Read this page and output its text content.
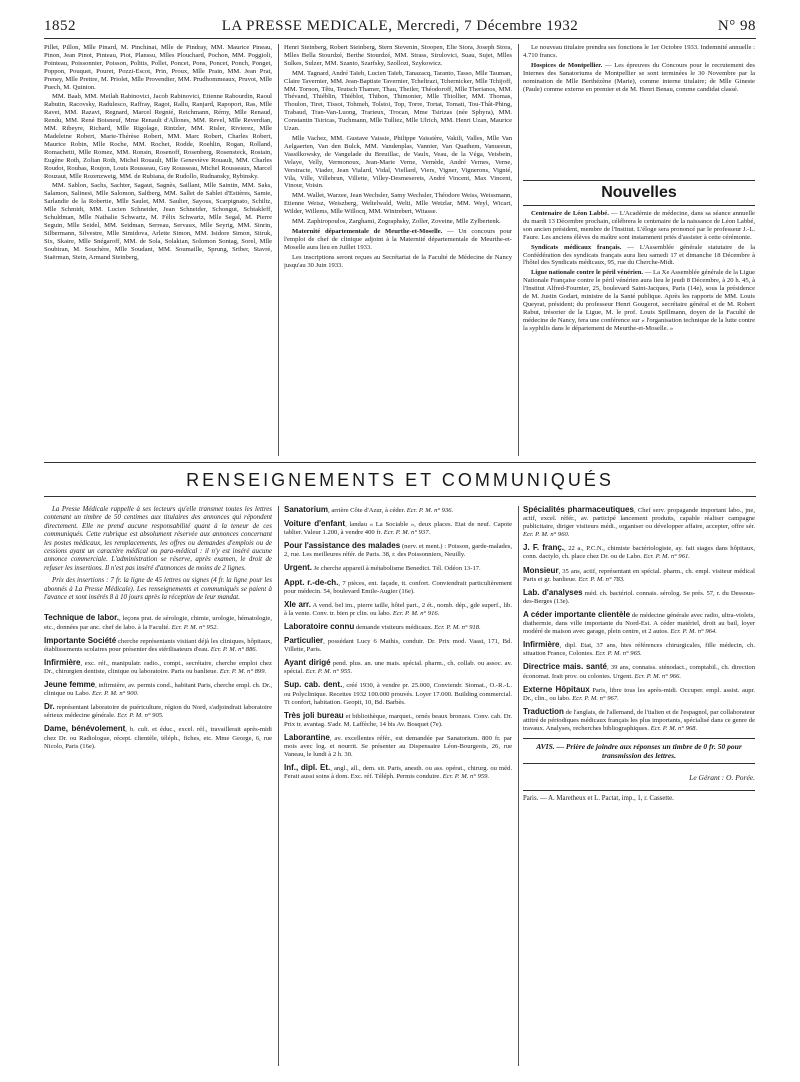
1852	LA PRESSE MEDICALE, Mercredi, 7 Décembre 1932	N° 98

Pillet, Pillon, Mlle Pinard, M. Pinchinat, Mlle de Pindray, MM. Maurice Pineau, Pinon, Jean Pinot, Pinteau, Piot, Planssu, Mlles Plouchard, Pochon, MM. Poggioli, Pointeau, Poissonnier, Poisson, Politis, Pollet, Poncet, Pons, Poncet, Ponch, Ponget, Poppon, Pouquet, Pouret, Pozzi-Escot, Prin, Proux, Mlle Prain, MM. Jean Prat, Preney, Mlle Prettre, M. Priolet, Mlle Provendier, MM. Prudhommeaux, Pruvot, Mlle Puech, M. Quinion.

MM. Baab, MM. Meilah Rabinovici, Jacob Rabinovici, Etienne Rabourdin, Raoul Rabutin, Racovsky, Radulesco, Raffray, Ragot, Rallu, Ranjard, Rapoport, Ras, Mlle Ravet, MM. Razavi, Regnard, Marcel Regnié, Reichmann, Rémy, Mlle Renaud, Rendu, MM. René Boisneuf, Mme Renault d'Allones, MM. Revel, Mlle Reverdian, MM. Ribeyre, Richard, Mlle Rigolage, Rintzler, MM. Risler, Rivierez, Mlle Madeleine Robert, Marie-Thérèse Robert, MM. Marc Robert, Charles Robert, Maurice Robin, Mlle Roche, MM. Rochet, Rodde, Roehlin, Rogan, Rolland, Romachetti, Mlle Romez, MM. Ronsin, Rosenoff, Rosenberg, Rosensteck, Rostain, Eugène Roth, Zolian Roth, Michel Rouault, Mlle Geneviève Rouault, MM. Charles Roudot, Roubas, Roujon, Louis Rousseau, Guy Rousseau, Michel Rousseaux, Marcel Rouzaut, Mlle Rozenzweig, MM. de Rubiana, de Rudollo, Rudnansky, Rybinsky.

MM. Sablon, Sachs, Sachter, Sagaut, Sagnès, Saillant, Mlle Saintin, MM. Saks, Salamon, Salinesi, Mlle Salomon, Saltberg, MM. Sallet de Sablet d'Estières, Samie, Sarlandie de la Robertie, Mlle Saulet, MM. Saulier, Sayous, Scarpignato, Schiltz, Mlle Schmidt, MM. Lucien Schneider, Jean Schneider, Schongut, Schtakleff, Schuldman, Mlle Nathalie Schwartz, M. Félix Schwartz, Mlle Segal, M. Pierre Seguin, Mlle Seidel, MM. Seidman, Serreau, Servaux, Mlle Seyrig, MM. Sinrin, Silbermann, Silvestre, Mlle Simidova, Arlette Simon, MM. Isidore Simon, Sitruk, Six, Skaire, Mlle Snégaroff, MM. de Sola, Solakian, Solomon Sontag, Sorel, Mlle Soubiran, M. Souchère, Mlle Soudant, MM. Soumaille, Sprung, Sriber, Stavré, Staërman, Stein, Armand Steinberg,

Henri Steinberg, Robert Steinberg, Stern Stevenin, Stoopen, Elie Stora, Joseph Stora, Mlles Bella Stourdzé, Berthe Stourdzé, MM. Strass, Strulovici, Suau, Sujet, Mlles Sulkes, Sulzer, MM. Szanto, Szarfsky, Szollozi, Szykowicz.

MM. Tagnard, André Taïeb, Lucien Taïeb, Tanazacq, Taranto, Tasso, Mlle Tauman, Claire Tavernier, MM. Jean-Baptiste Tavernier, Tcheltrazi, Tchernicker, Mlle Tchijoff, MM. Tornon, Têtu, Teutsch Thamer, Thau, Theiler, Théodoroff, Mlle Therianos, MM. Thévand, Thiéblin, Thiéblot, Thibon, Thimonier, Mlle Thiollier, MM. Thomas, Thoulon, Tiret, Tissot, Tohmeh, Tolstoi, Top, Torre, Tortat, Tomati, Tou-Thât-Phing, Trabaud, Tran-Van-Luong, Trarieux, Trocan, Mme Tsirizas (née Sphyra), MM. Constantin Tsiricas, Tuchmann, Mlle Tulliez, Mlle Ulrich, MM. Henri Uzan, Maurice Uzan.

Mlle Vachez, MM. Gustave Vaissie, Philippe Vaissière, Vakili, Valles, Mlle Van Aelgaerten, Van den Bulck, MM. Vandenplas, Vannier, Van Quathem, Vanueeun, Vassilkowsky, de Vangelade du Breuillac, de Vaulx, Veau, de la Véga, Veisbein, Velaye, Velly, Vermonoux, Jean-Marie Verne, Vernède, André Vernes, Verne, Verstracte, Viader, Jean Vialard, Vidal, Viellard, Viers, Vigner, Vignerons, Vignié, Vila, Ville, Villebrun, Villette, Villey-Desmeserets, André Vincent, Max Vincent, Vinour, Voisin.

MM. Wallet, Warzee, Jean Wechsler, Samy Wechsler, Théodore Weiss, Weissmann, Etienne Weisz, Weiszberg, Weltelwald, Welti, Mlle Wetzlar, MM. Weyl, Wicart, Wilder, Willems, Mlle Willocq, MM. Wintrebert, Witasse.

MM. Zaphiropoulos, Zarghami, Zographsky, Zoller, Zoveine, Mlle Zylbertenk.

Maternité départementale de Meurthe-et-Moselle. — Un concours pour l'emploi de chef de clinique adjoint à la Maternité départementale de Meurthe-et-Moselle aura lieu en Juillet 1933.

Les inscriptions seront reçues au Secrétariat de la Faculté de Médecine de Nancy jusqu'au 30 Juin 1933.

Le nouveau titulaire prendra ses fonctions le 1er Octobre 1933. Indemnité annuelle : 4.710 francs.

Hospices de Montpellier. — Les épreuves du Concours pour le recrutement des Internes des Sanatoriums de Montpellier se sont terminées le 30 Novembre par la nomination de Mlle Berthézène (Marie), comme interne titulaire; de Mlle Gineste (Paule) comme externe en premier et de M. Henri Benau, comme candidat classé.

Nouvelles

Centenaire de Léon Labbé. — L'Académie de médecine, dans sa séance annuelle du mardi 13 Décembre prochain, célébrera le centenaire de la naissance de Léon Labbé, son ancien président, membre de l'Institut. L'éloge sera prononcé par le professeur J.-L. Faure. Les anciens élèves du maître sont instamment priés d'assister à cette cérémonie.

Syndicats médicaux français. — L'Assemblée générale statutaire de la Confédération des syndicats français aura lieu samedi 17 et dimanche 18 Décembre à l'hôtel des Syndicats médicaux, 95, rue du Cherche-Midi.

Ligue nationale contre le péril vénérien. — La Xe Assemblée générale de la Ligue Nationale Française contre le péril vénérien aura lieu le jeudi 8 Décembre, à 20 h. 45, à l'Institut Alfred-Fournier, 25, boulevard Saint-Jacques, Paris (14e), sous la présidence de M. Justin Godart, ministre de la Santé publique. Après les rapports de MM. Louis Queyrat, président; du professeur Henri Gougerot, secrétaire général et de M. Robert Rabut, trésorier de la Ligue, M. le prof. Louis Spillmann, doyen de la Faculté de médecine de Nancy, fera une conférence sur « l'organisation technique de la lutte contre la syphilis dans le département de Meurthe-et-Moselle. »

RENSEIGNEMENTS ET COMMUNIQUÉS

La Presse Médicale rappelle à ses lecteurs qu'elle transmet toutes les lettres contenant un timbre de 50 centimes aux titulaires des annonces qui répondent directement. Elle ne prend aucune responsabilité quant à la teneur de ces communiqués. Cette rubrique est absolument réservée aux annonces concernant les postes médicaux, les remplacements, les offres ou demandes d'emplois ou de cessions ayant un caractère médical ou para-médical : il n'y est inséré aucune annonce commerciale. L'administration se réserve, après examen, le droit de refuser les insertions. Il n'est pas inséré d'annonces de moins de 2 lignes.

Prix des insertions : 7 fr. la ligne de 45 lettres ou signes (4 fr. la ligne pour les abonnés à La Presse Médicale). Les renseignements et communiqués se paient à l'avance et sont insérés 8 à 10 jours après la réception de leur mandat.

Technique de labor., leçons prat. de sérologie, chimie, urologie, hématologie, etc., données par anc. chef de labo. à la Faculté. Ecr. P. M. n° 952.
Importante Société cherche représentants visitant déjà les cliniques, hôpitaux, établissements scolaires pour présenter des stérilisateurs d'eau. Ecr. P. M. n° 886.
Infirmière, exc. réf., manipulatr. radio., compt., secrétaire, cherche emploi chez Dr., chirurgien dentiste, clinique ou laboratoire. Paris ou banlieue. Ecr. P. M. n° 899.
Jeune femme, infirmière, av. permis cond., habitant Paris, cherche empl. ch. Dr., clinique ou Labo. Ecr. P. M. n° 900.
Dr. représentant laboratoire de puériculture, région du Nord, s'adjoindrait laboratoire sérieux médecine générale. Ecr. P. M. n° 905.
Dame, bénévolement, b. cult. et éduc., excel. réf., travaillerait après-midi chez Dr. ou Radiologue, récept. clientèle, téléph., fiches, etc. Mme George, 6, rue Nicolo, Paris (16e).
Sanatorium, arrière Côte d'Azur, à céder. Ecr. P. M. n° 936.
Voiture d'enfant, landau « La Sociable », deux places. Etat de neuf. Capote tablier. Valeur 1.200, à vendre 400 fr. Ecr. P. M. n° 937.
Pour l'assistance des malades (nerv. et ment.) : Poisson, garde-malades, 2, rue. Les meilleures référ. de Paris. 38, r. des Poissonniers, Neuilly.
Urgent. Je cherche appareil à métabolisme Benedict. Tél. Odéon 13-17.
Appt. r.-de-ch., 7 pièces, ent. façade, tt. confort. Conviendrait particulièrement pour médecin. 54, boulevard Emile-Augier (16e).
XIe arr. A vend. bel im., pierre taille, hôtel part., 2 ét., nomb. dép., gde superf., lib. à la vente. Conv. tr. bien pr clin. ou labo. Ecr. P. M. n° 916.
Laboratoire connu demande visiteurs médicaux. Ecr. P. M. n° 918.
Particulier, possédant Lucy 6 Mathis, conduir. Dr. Prix mod. Vaast, 171, Bd. Villette, Paris.
Ayant dirigé pend. plus. an. une mais. spécial. pharm., ch. collab. ou assoc. av. spécial. Ecr. P. M. n° 955.
Sup. cab. dent., créé 1930, à vendre pr. 25.000, Conviendr. Stomat., O.-R.-L. ou Polyclinique. Recettes 1932 100.000 prouvés. Loyer 17.000. Building commercial. Tt confort, habitation. Geopit, 10, Bd. Barbès.
Très joli bureau et bibliothèque, marquet., ornés beaux bronzes. Conv. cab. Dr. Prix tr. avantag. S'adr. M. Laffèche, 14 bis Av. Bosquet (7e).
Laborantine, av. excellentes référ., est demandée par Sanatorium. 800 fr. par mois avec log. et nourrit. Se présenter au Dispensaire Léon-Bourgeois, 26, rue Vaneau, le lundi à 2 h. 30.
Inf., dipl. Et., angl., all., dem. sit. Paris, anesth. ou ass. opérat., chirurg. ou méd. Ferait aussi soins à dom. Exc. réf. Téléph. Permis conduire. Ecr. P. M. n° 959.
Spécialités pharmaceutiques, Chef serv. propagande important labo., jne, actif, excel. référ., av. participé lancement produits, capable réaliser campagne publicitaire, diriger visiteurs médi., organiser ou développer affaire, accepter, offre sér. Ecr. P. M. n° 960.
J. F. franç., 22 a., P.C.N., chimiste bactériologiste, ay. fait stages dans hôpitaux, conn. dactylo, ch. place chez Dr. ou de Labo. Ecr. P. M. n° 961.
Monsieur, 35 ans, actif, représentant en spécial. pharm., ch. empl. visiteur médical Paris et gr. banlieue. Ecr. P. M. n° 783.
Lab. d'analyses méd. ch. bactériol. connais. sérolog. Se prés. 57, r. du Dessous-des-Berges (13e).
A céder importante clientèle de médecine générale avec radio, ultra-violets, diathermie, dans ville importante du Nord-Est. A céder matériel, droit au bail, loyer modéré de maison avec garage, plein centre, et 2 autos. Ecr. P. M. n° 964.
Infirmière, dipl. Etat, 37 ans, htes références chirurgicales, fille médecin, ch. situation France, Colonies. Ecr. P. M. n° 965.
Directrice mais. santé, 39 ans, connaiss. sténodact., comptabil., ch. direction économat. Irait prov. ou colonies. Urgent. Ecr. P. M. n° 966.
Externe Hôpitaux Paris, libre tous les après-midi. Occuper. empl. assist. aupr. Dr., clin., ou labo. Ecr. P. M. n° 967.
Traduction de l'anglais, de l'allemand, de l'italien et de l'espagnol, par collaborateur attitré de périodiques médicaux français les plus importants, spécialisé dans ce genre de travaux. Analyses, recherches bibliographiques. Ecr. P. M. n° 968.
AVIS. — Prière de joindre aux réponses un timbre de 0 fr. 50 pour transmission des lettres.
Le Gérant : O. Porée.
Paris. — A. Maretheux et L. Pactat, imp., 1, r. Cassette.
